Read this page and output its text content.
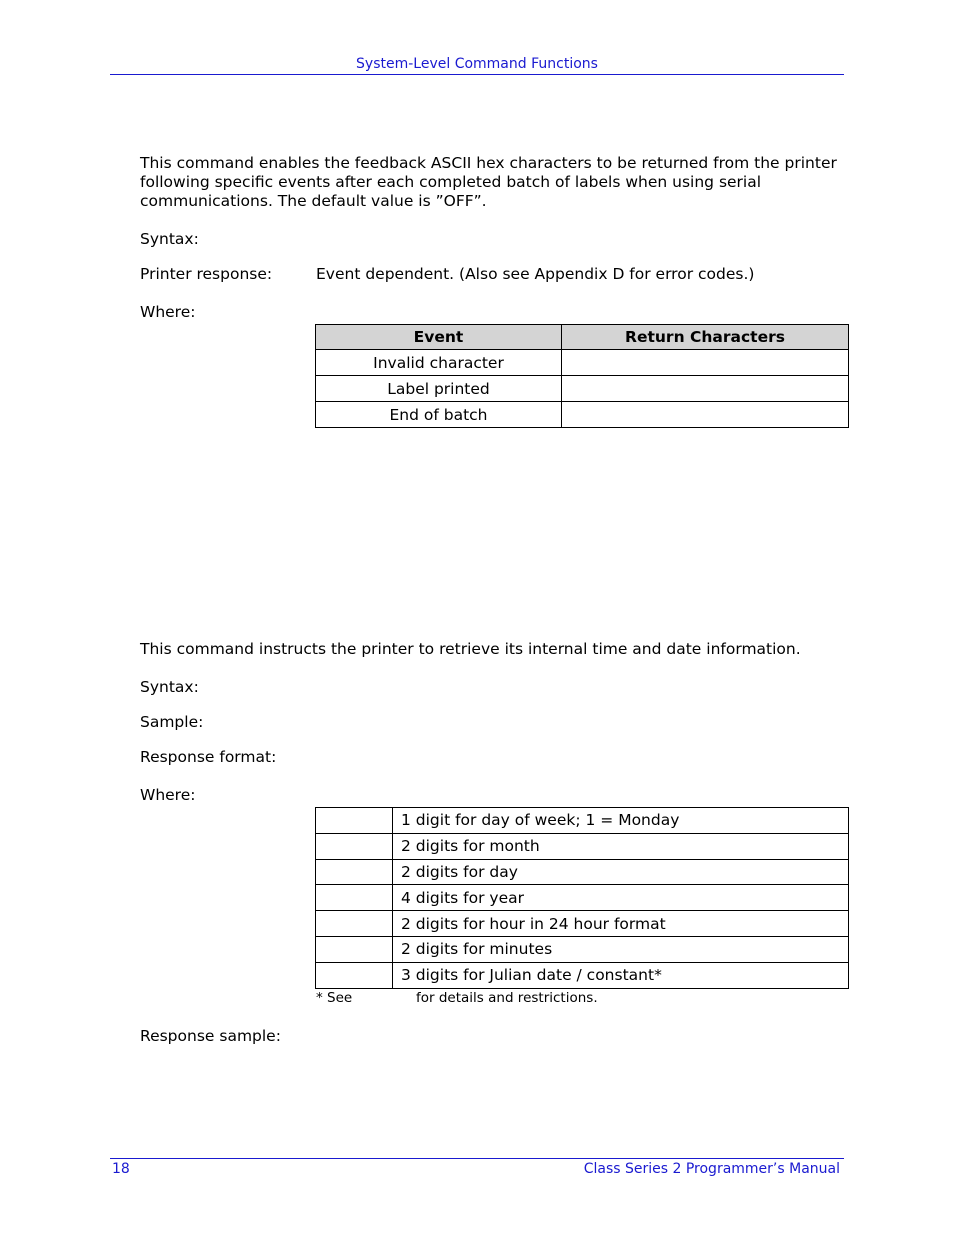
System-Level Command Functions
This command enables the feedback ASCII hex characters to be returned from the printer following specific events after each completed batch of labels when using serial communications. The default value is ”OFF”.
Syntax:
Printer response:	Event dependent. (Also see Appendix D for error codes.)
Where:
Event	Return Characters
Invalid character	
Label printed	
End of batch	
This command instructs the printer to retrieve its internal time and date information.
Syntax:
Sample:
Response format:
Where:
	1 digit for day of week; 1 = Monday
	2 digits for month
	2 digits for day
	4 digits for year
	2 digits for hour in 24 hour format
	2 digits for minutes
	3 digits for Julian date / constant*
* See	for details and restrictions.
Response sample:
18	Class Series 2 Programmer’s Manual
